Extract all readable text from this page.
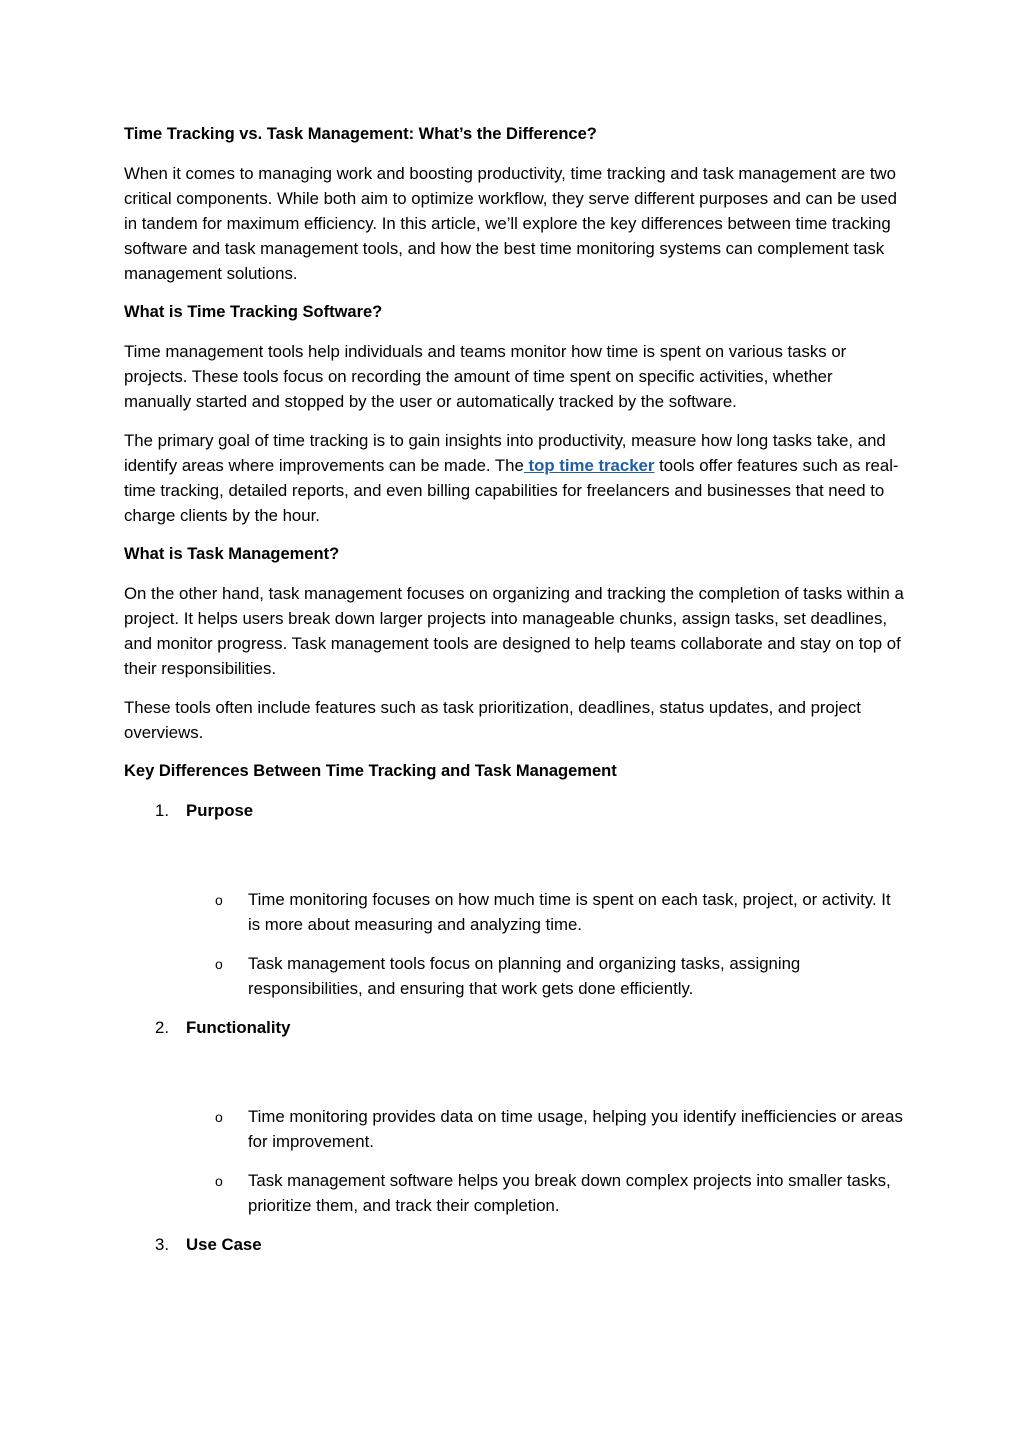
Time Tracking vs. Task Management: What’s the Difference?
When it comes to managing work and boosting productivity, time tracking and task management are two critical components. While both aim to optimize workflow, they serve different purposes and can be used in tandem for maximum efficiency. In this article, we’ll explore the key differences between time tracking software and task management tools, and how the best time monitoring systems can complement task management solutions.
What is Time Tracking Software?
Time management tools help individuals and teams monitor how time is spent on various tasks or projects. These tools focus on recording the amount of time spent on specific activities, whether manually started and stopped by the user or automatically tracked by the software.
The primary goal of time tracking is to gain insights into productivity, measure how long tasks take, and identify areas where improvements can be made. The top time tracker tools offer features such as real-time tracking, detailed reports, and even billing capabilities for freelancers and businesses that need to charge clients by the hour.
What is Task Management?
On the other hand, task management focuses on organizing and tracking the completion of tasks within a project. It helps users break down larger projects into manageable chunks, assign tasks, set deadlines, and monitor progress. Task management tools are designed to help teams collaborate and stay on top of their responsibilities.
These tools often include features such as task prioritization, deadlines, status updates, and project overviews.
Key Differences Between Time Tracking and Task Management
1. Purpose
o Time monitoring focuses on how much time is spent on each task, project, or activity. It is more about measuring and analyzing time.
o Task management tools focus on planning and organizing tasks, assigning responsibilities, and ensuring that work gets done efficiently.
2. Functionality
o Time monitoring provides data on time usage, helping you identify inefficiencies or areas for improvement.
o Task management software helps you break down complex projects into smaller tasks, prioritize them, and track their completion.
3. Use Case
